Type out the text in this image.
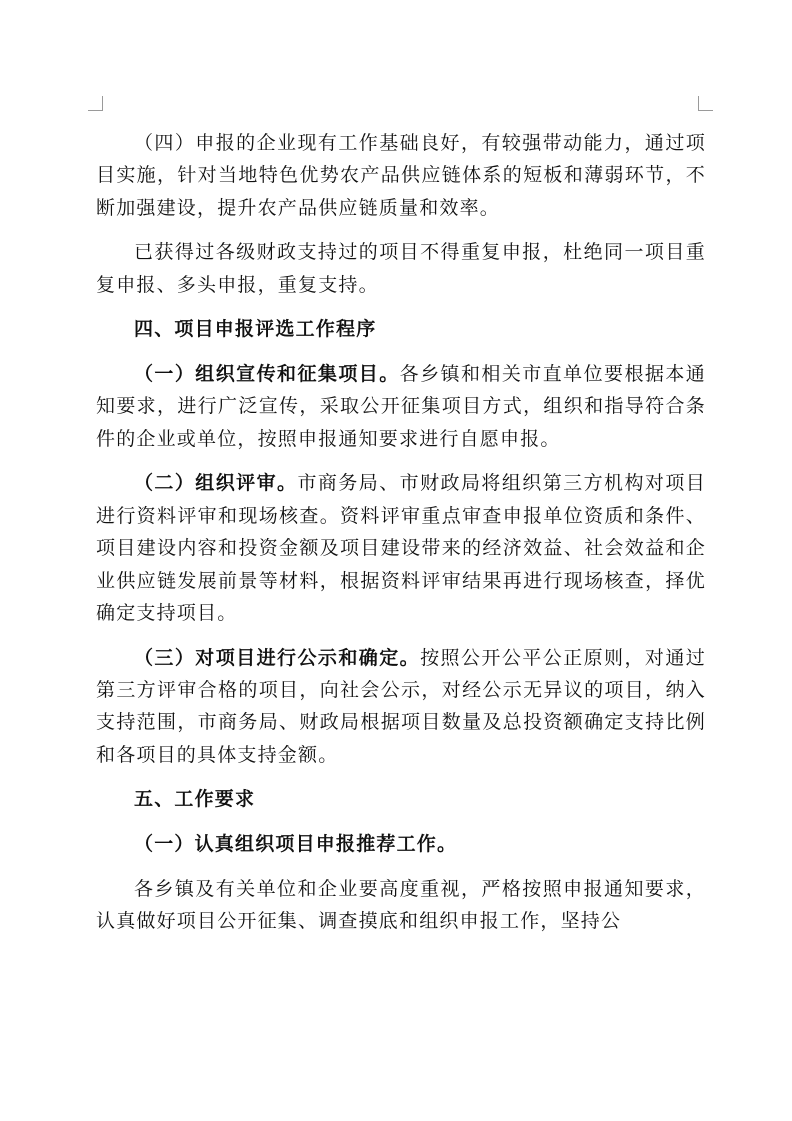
（四）申报的企业现有工作基础良好，有较强带动能力，通过项目实施，针对当地特色优势农产品供应链体系的短板和薄弱环节，不断加强建设，提升农产品供应链质量和效率。

已获得过各级财政支持过的项目不得重复申报，杜绝同一项目重复申报、多头申报，重复支持。

四、项目申报评选工作程序

（一）组织宣传和征集项目。各乡镇和相关市直单位要根据本通知要求，进行广泛宣传，采取公开征集项目方式，组织和指导符合条件的企业或单位，按照申报通知要求进行自愿申报。

（二）组织评审。市商务局、市财政局将组织第三方机构对项目进行资料评审和现场核查。资料评审重点审查申报单位资质和条件、项目建设内容和投资金额及项目建设带来的经济效益、社会效益和企业供应链发展前景等材料，根据资料评审结果再进行现场核查，择优确定支持项目。

（三）对项目进行公示和确定。按照公开公平公正原则，对通过第三方评审合格的项目，向社会公示，对经公示无异议的项目，纳入支持范围，市商务局、财政局根据项目数量及总投资额确定支持比例和各项目的具体支持金额。

五、工作要求

（一）认真组织项目申报推荐工作。

各乡镇及有关单位和企业要高度重视，严格按照申报通知要求，认真做好项目公开征集、调查摸底和组织申报工作，坚持公
